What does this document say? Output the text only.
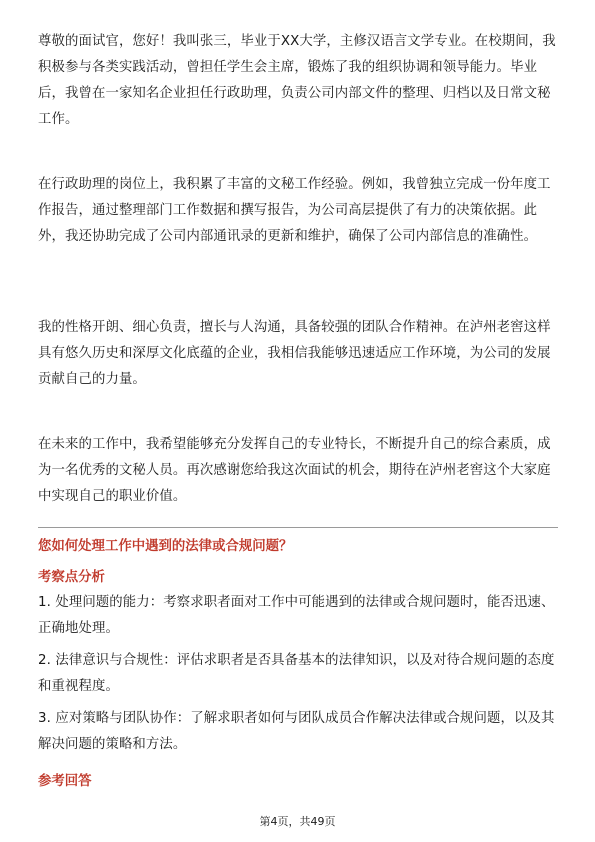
尊敬的面试官，您好！我叫张三，毕业于XX大学，主修汉语言文学专业。在校期间，我积极参与各类实践活动，曾担任学生会主席，锻炼了我的组织协调和领导能力。毕业后，我曾在一家知名企业担任行政助理，负责公司内部文件的整理、归档以及日常文秘工作。

在行政助理的岗位上，我积累了丰富的文秘工作经验。例如，我曾独立完成一份年度工作报告，通过整理部门工作数据和撰写报告，为公司高层提供了有力的决策依据。此外，我还协助完成了公司内部通讯录的更新和维护，确保了公司内部信息的准确性。

我的性格开朗、细心负责，擅长与人沟通，具备较强的团队合作精神。在泸州老窖这样具有悠久历史和深厚文化底蕴的企业，我相信我能够迅速适应工作环境，为公司的发展贡献自己的力量。

在未来的工作中，我希望能够充分发挥自己的专业特长，不断提升自己的综合素质，成为一名优秀的文秘人员。再次感谢您给我这次面试的机会，期待在泸州老窖这个大家庭中实现自己的职业价值。

您如何处理工作中遇到的法律或合规问题？

考察点分析

1. 处理问题的能力：考察求职者面对工作中可能遇到的法律或合规问题时，能否迅速、正确地处理。

2. 法律意识与合规性：评估求职者是否具备基本的法律知识，以及对待合规问题的态度和重视程度。

3. 应对策略与团队协作：了解求职者如何与团队成员合作解决法律或合规问题，以及其解决问题的策略和方法。

参考回答

第4页，共49页
